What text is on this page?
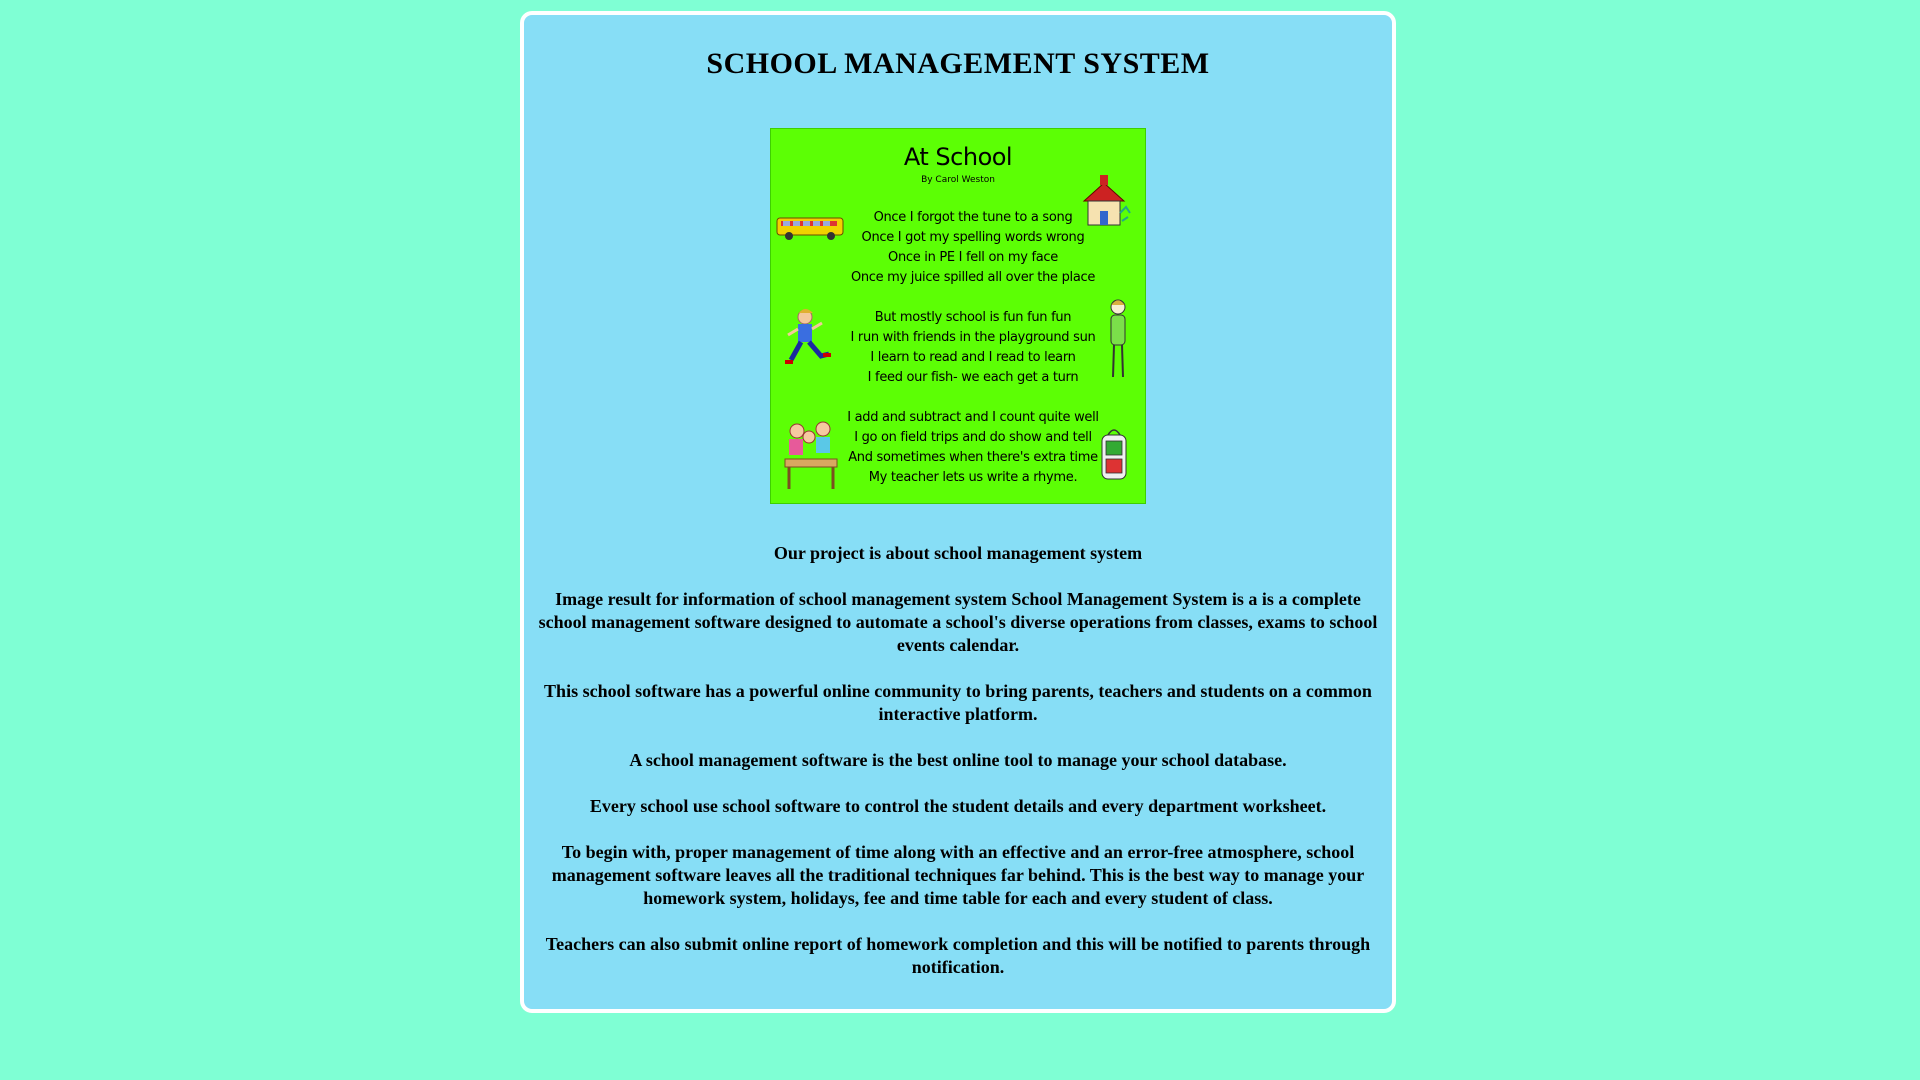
SCHOOL MANAGEMENT SYSTEM
At School
By Carol Weston
Once I forgot the tune to a song
Once I got my spelling words wrong
Once in PE I fell on my face
Once my juice spilled all over the place
But mostly school is fun fun fun
I run with friends in the playground sun
I learn to read and I read to learn
I feed our fish- we each get a turn
I add and subtract and I count quite well
I go on field trips and do show and tell
And sometimes when there's extra time
My teacher lets us write a rhyme.

Our project is about school management system

Image result for information of school management system School Management System is a is a complete school management software designed to automate a school's diverse operations from classes, exams to school events calendar.

This school software has a powerful online community to bring parents, teachers and students on a common interactive platform.

A school management software is the best online tool to manage your school database.

Every school use school software to control the student details and every department worksheet.

To begin with, proper management of time along with an effective and an error-free atmosphere, school management software leaves all the traditional techniques far behind. This is the best way to manage your homework system, holidays, fee and time table for each and every student of class.

Teachers can also submit online report of homework completion and this will be notified to parents through notification.
